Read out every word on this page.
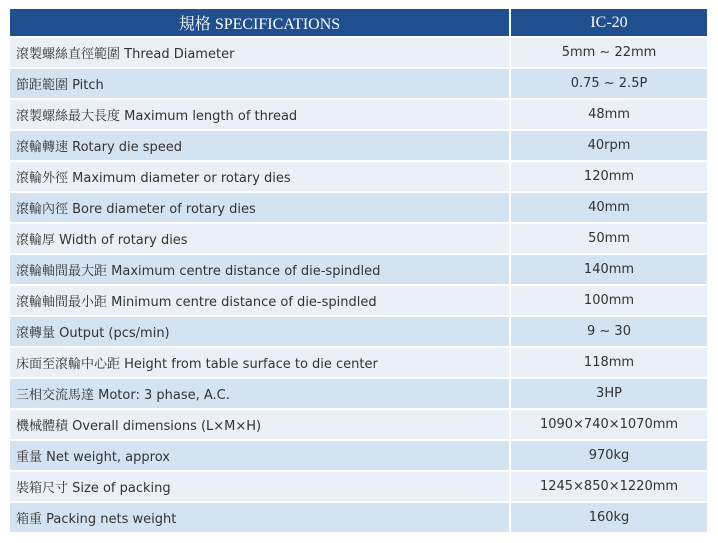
規格 SPECIFICATIONS	IC-20
滾製螺絲直徑範圍 Thread Diameter	5mm ~ 22mm
節距範圍 Pitch	0.75 ~ 2.5P
滾製螺絲最大長度 Maximum length of thread	48mm
滾輪轉速 Rotary die speed	40rpm
滾輪外徑 Maximum diameter or rotary dies	120mm
滾輪內徑 Bore diameter of rotary dies	40mm
滾輪厚 Width of rotary dies	50mm
滾輪軸間最大距 Maximum centre distance of die-spindled	140mm
滾輪軸間最小距 Minimum centre distance of die-spindled	100mm
滾轉量 Output (pcs/min)	9 ~ 30
床面至滾輪中心距 Height from table surface to die center	118mm
三相交流馬達 Motor: 3 phase, A.C.	3HP
機械體積 Overall dimensions (L×M×H)	1090×740×1070mm
重量 Net weight, approx	970kg
裝箱尺寸 Size of packing	1245×850×1220mm
箱重 Packing nets weight	160kg
